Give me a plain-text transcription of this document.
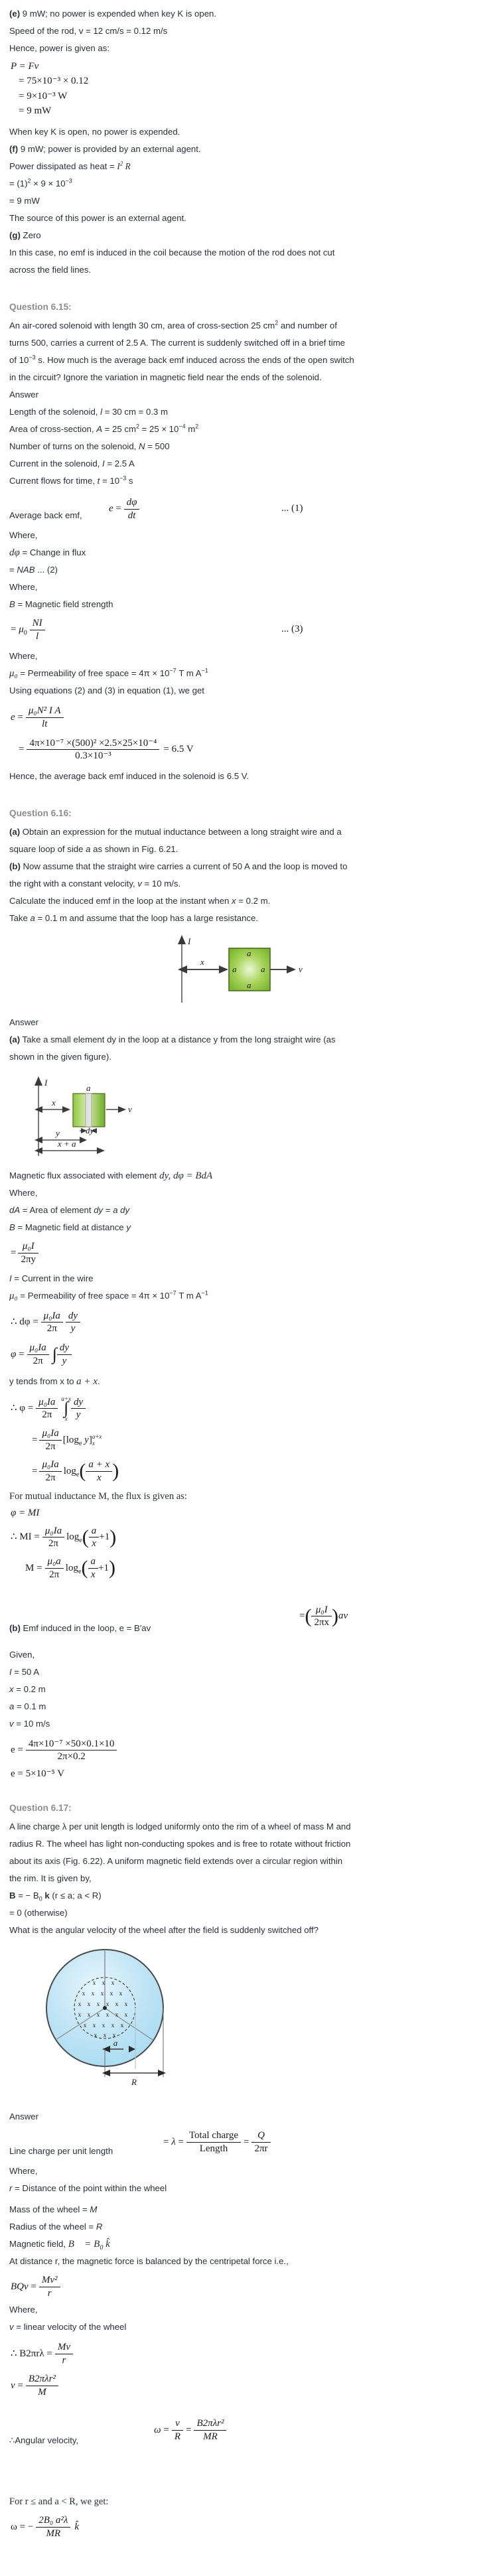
(e) 9 mW; no power is expended when key K is open.
Speed of the rod, v = 12 cm/s = 0.12 m/s
Hence, power is given as:
P = Fv
= 75×10⁻³ × 0.12
= 9×10⁻³ W
= 9 mW
When key K is open, no power is expended.
(f) 9 mW; power is provided by an external agent.
Power dissipated as heat = $I^2$ R
= $(1)^2 \times 9 \times 10^{-3}$
= 9 mW
The source of this power is an external agent.
(g) Zero
In this case, no emf is induced in the coil because the motion of the rod does not cut
across the field lines.
Question 6.15:
An air-cored solenoid with length 30 cm, area of cross-section 25 $cm^2$ and number of
turns 500, carries a current of 2.5 A. The current is suddenly switched off in a brief time
of $10^{-3}$ s. How much is the average back emf induced across the ends of the open switch
in the circuit? Ignore the variation in magnetic field near the ends of the solenoid.
Answer
Length of the solenoid, l = 30 cm = 0.3 m
Area of cross-section, A = 25 $cm^2 = 25 \times 10^{-4}$ $m^2$
Number of turns on the solenoid, N = 500
Current in the solenoid, I = 2.5 A
Current flows for time, $t = 10^{-3}$ s
Average back emf,
$e = \frac{d\varphi}{dt}$	... (1)
Where,
dφ = Change in flux
= NAB ... (2)
Where,
B = Magnetic field strength
= $\mu_0 \frac{NI}{l}$	... (3)
Where,
μ₀ = Permeability of free space = $4\pi \times 10^{-7}$ T m $A^{-1}$
Using equations (2) and (3) in equation (1), we get
$e = \frac{\text{μ₀N² I A}}{lt}$
= $\frac{\text{4π×10⁻⁷ ×(500)² ×2.5×25×10⁻⁴}}{\text{0.3×10⁻³}} = 6.5$ V
Hence, the average back emf induced in the solenoid is 6.5 V.
Question 6.16:
(a) Obtain an expression for the mutual inductance between a long straight wire and a
square loop of side a as shown in Fig. 6.21.
(b) Now assume that the straight wire carries a current of 50 A and the loop is moved to
the right with a constant velocity, v = 10 m/s.
Calculate the induced emf in the loop at the instant when x = 0.2 m.
Take a = 0.1 m and assume that the loop has a large resistance.
I
x
a
a	a
a
v
Answer
(a) Take a small element dy in the loop at a distance y from the long straight wire (as
shown in the given figure).
I
a
x
v
dy
y
x + a
Magnetic flux associated with element dy, dφ = BdA
Where,
dA = Area of element dy = a dy
B = Magnetic field at distance y
= $\frac{\text{μ₀I}}{2\pi y}$
I = Current in the wire
μ₀ = Permeability of free space = $4\pi \times 10^{-7}$ T m $A^{-1}$
∴ $d\varphi = \frac{\text{μ₀Ia}}{2\pi} \frac{dy}{y}$
$\varphi = \frac{\text{μ₀Ia}}{2\pi}$ ∫ $\frac{dy}{y}$
y tends from x to a + x.
∴ $\varphi = \frac{\text{μ₀Ia}}{2\pi} a+x$
∫
x $\frac{dy}{y}$
= $\frac{\text{μ₀Ia}}{2\pi} [\log_e$ y] a+x
x
= $\frac{\text{μ₀Ia}}{2\pi} \log_e$ ( $\frac{a + x}{x}$ )
For mutual inductance M, the flux is given as:
φ = MI
∴ MI = $\frac{\text{μ₀Ia}}{2\pi} \log_e$ ( $\frac{a}{x} +1$ )
$M = \frac{\text{μ₀a}}{2\pi} \log_e$ ( $\frac{a}{x} +1$ )
(b) Emf induced in the loop, e = B′av
= ( $\frac{\text{μ₀I}}{2\pi x}$ ) av
Given,
I = 50 A
x = 0.2 m
a = 0.1 m
v = 10 m/s
$e = \frac{\text{4π×10⁻⁷ ×50×0.1×10}}{2\pi\times 0.2}$
e = 5×10⁻⁵ V
Question 6.17:
A line charge λ per unit length is lodged uniformly onto the rim of a wheel of mass M and
radius R. The wheel has light non-conducting spokes and is free to rotate without friction
about its axis (Fig. 6.22). A uniform magnetic field extends over a circular region within
the rim. It is given by,
B = − $B_0$ k (r ≤ a; a < R)
= 0 (otherwise)
What is the angular velocity of the wheel after the field is suddenly switched off?
x x x
x x x x x
x x x x x x
x x x x x x
x x x x x
x x x
a
R
Answer
Line charge per unit length
= $\lambda = \frac{\text{Total charge}}{\text{Length}} = \frac{Q}{2\pi r}$
Where,
r = Distance of the point within the wheel
Mass of the wheel = M
Radius of the wheel = R
Magnetic field, B⃗ = $B_0$ k̂
At distance r, the magnetic force is balanced by the centripetal force i.e.,
BQv = $\frac{\text{Mv²}}{r}$
Where,
v = linear velocity of the wheel
∴ $B2\pi r\lambda = \frac{Mv}{r}$
$v = \frac{\text{B2πλr²}}{M}$
∴Angular velocity,
$\omega = \frac{v}{R} = \frac{\text{B2πλr²}}{MR}$
For r ≤ and a < R, we get:
ω = − $\frac{\text{2B₀ a²λ}}{MR}$ k̂
